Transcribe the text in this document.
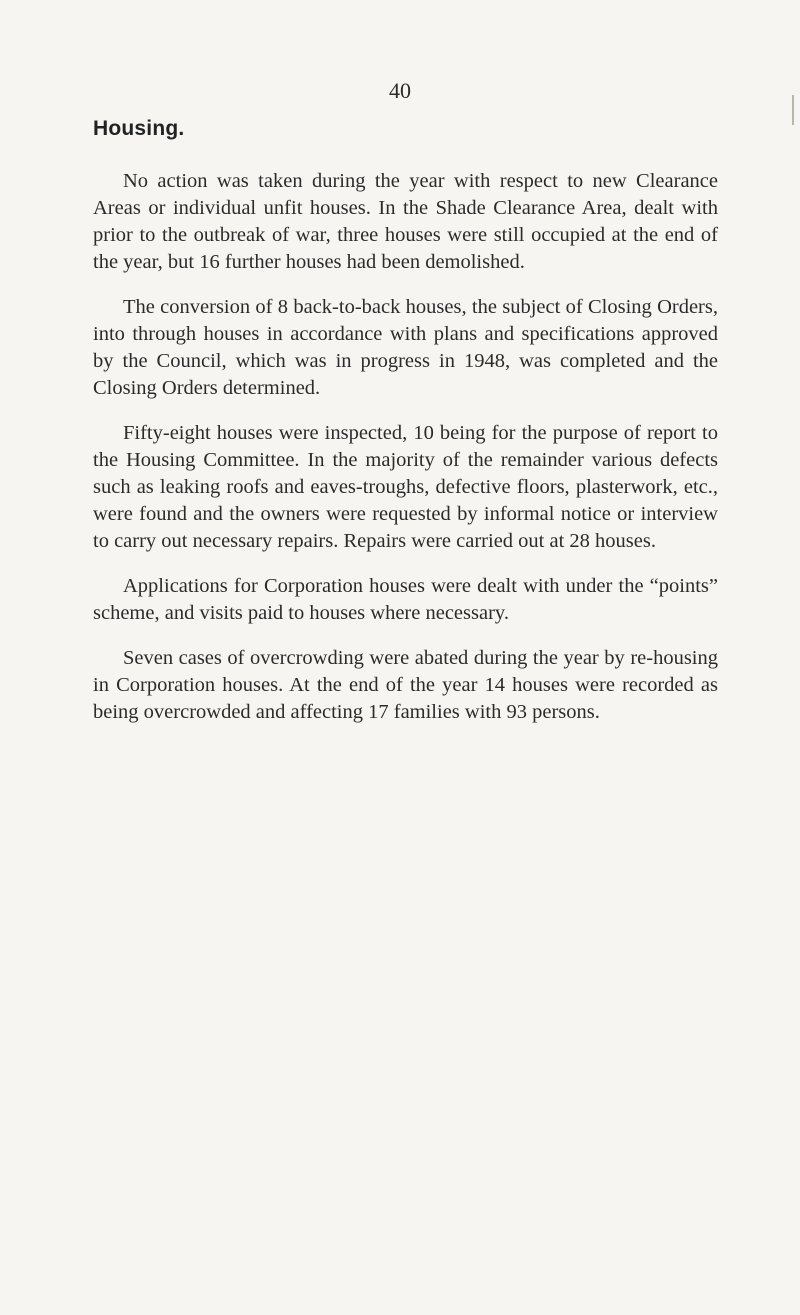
40
Housing.

No action was taken during the year with respect to new Clearance Areas or individual unfit houses. In the Shade Clearance Area, dealt with prior to the outbreak of war, three houses were still occupied at the end of the year, but 16 further houses had been demolished.

The conversion of 8 back-to-back houses, the subject of Closing Orders, into through houses in accordance with plans and specifications approved by the Council, which was in progress in 1948, was completed and the Closing Orders determined.

Fifty-eight houses were inspected, 10 being for the purpose of report to the Housing Committee. In the majority of the remainder various defects such as leaking roofs and eaves-troughs, defective floors, plasterwork, etc., were found and the owners were requested by informal notice or interview to carry out necessary repairs. Repairs were carried out at 28 houses.

Applications for Corporation houses were dealt with under the “points” scheme, and visits paid to houses where necessary.

Seven cases of overcrowding were abated during the year by re-housing in Corporation houses. At the end of the year 14 houses were recorded as being overcrowded and affecting 17 families with 93 persons.
